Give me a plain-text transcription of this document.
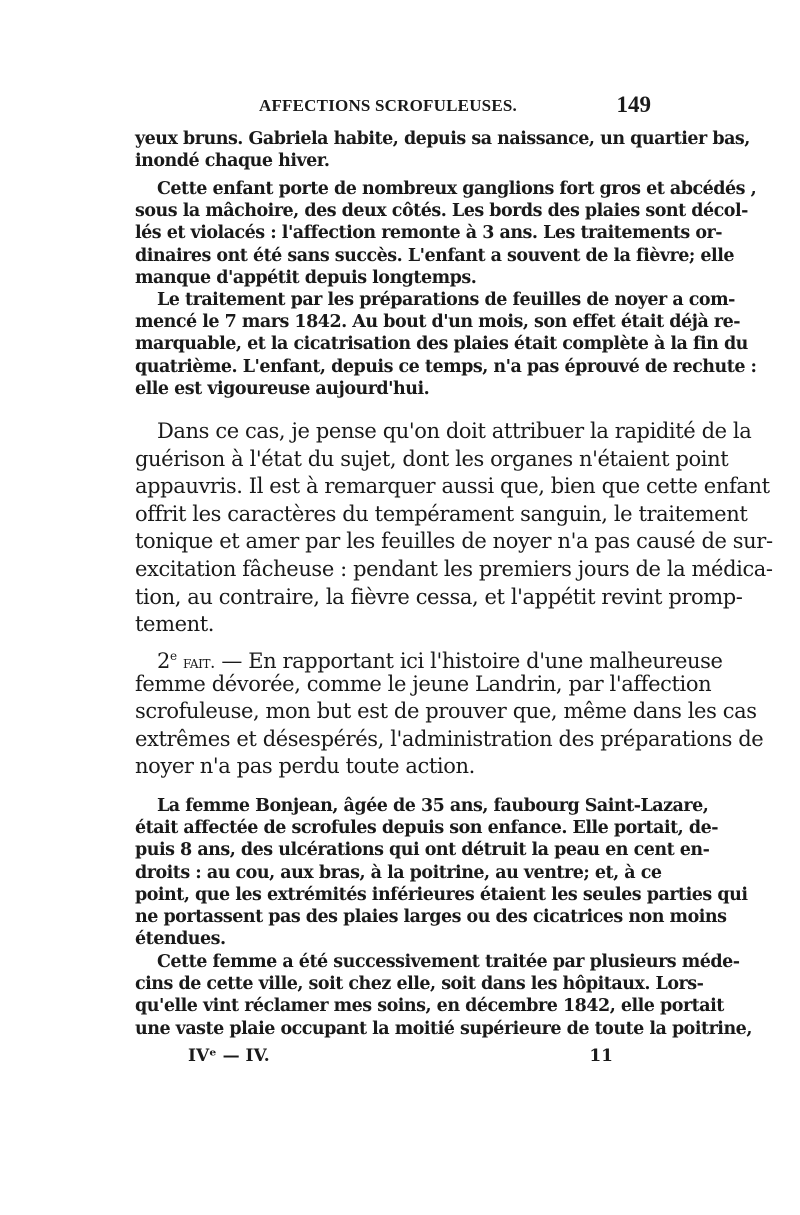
AFFECTIONS SCROFULEUSES.	149
yeux bruns. Gabriela habite, depuis sa naissance, un quartier bas,
inondé chaque hiver.
Cette enfant porte de nombreux ganglions fort gros et abcédés ,
sous la mâchoire, des deux côtés. Les bords des plaies sont décol-
lés et violacés : l'affection remonte à 3 ans. Les traitements or-
dinaires ont été sans succès. L'enfant a souvent de la fièvre; elle
manque d'appétit depuis longtemps.
Le traitement par les préparations de feuilles de noyer a com-
mencé le 7 mars 1842. Au bout d'un mois, son effet était déjà re-
marquable, et la cicatrisation des plaies était complète à la fin du
quatrième. L'enfant, depuis ce temps, n'a pas éprouvé de rechute :
elle est vigoureuse aujourd'hui.
Dans ce cas, je pense qu'on doit attribuer la rapidité de la
guérison à l'état du sujet, dont les organes n'étaient point
appauvris. Il est à remarquer aussi que, bien que cette enfant
offrit les caractères du tempérament sanguin, le traitement
tonique et amer par les feuilles de noyer n'a pas causé de sur-
excitation fâcheuse : pendant les premiers jours de la médica-
tion, au contraire, la fièvre cessa, et l'appétit revint promp-
tement.
2e fait. — En rapportant ici l'histoire d'une malheureuse
femme dévorée, comme le jeune Landrin, par l'affection
scrofuleuse, mon but est de prouver que, même dans les cas
extrêmes et désespérés, l'administration des préparations de
noyer n'a pas perdu toute action.
La femme Bonjean, âgée de 35 ans, faubourg Saint-Lazare,
était affectée de scrofules depuis son enfance. Elle portait, de-
puis 8 ans, des ulcérations qui ont détruit la peau en cent en-
droits : au cou, aux bras, à la poitrine, au ventre; et, à ce
point, que les extrémités inférieures étaient les seules parties qui
ne portassent pas des plaies larges ou des cicatrices non moins
étendues.
Cette femme a été successivement traitée par plusieurs méde-
cins de cette ville, soit chez elle, soit dans les hôpitaux. Lors-
qu'elle vint réclamer mes soins, en décembre 1842, elle portait
une vaste plaie occupant la moitié supérieure de toute la poitrine,
IVᵉ — IV.	11
